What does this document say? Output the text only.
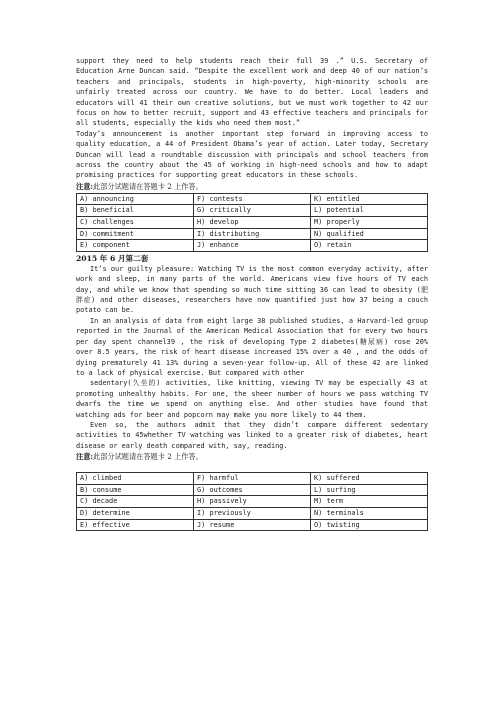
support they need to help students reach their full 39 .” U.S. Secretary of Education Arne Duncan said. “Despite the excellent work and deep 40 of our nation’s teachers and principals, students in high-poverty, high-minority schools are unfairly treated across our country. We have to do better. Local leaders and educators will 41 their own creative solutions, but we must work together to 42 our focus on how to better recruit, support and 43 effective teachers and principals for all students, especially the kids who need them most.”

Today’s announcement is another important step forward in improving access to quality education, a 44 of President Obama’s year of action. Later today, Secretary Duncan will lead a roundtable discussion with principals and school teachers from across the country about the 45 of working in high-need schools and how to adapt promising practices for supporting great educators in these schools.

注意:此部分试题请在答题卡 2 上作答。

A) announcing	F) contests	K) entitled
B) beneficial	G) critically	L) potential
C) challenges	H) develop	M) properly
D) commitment	I) distributing	N) qualified
E) component	J) enhance	O) retain

2015 年 6 月第二套

It’s our guilty pleasure: Watching TV is the most common everyday activity, after work and sleep, in many parts of the world. Americans view five hours of TV each day, and while we know that spending so much time sitting 36 can lead to obesity (肥胖症) and other diseases, researchers have now quantified just how 37 being a couch potato can be.

In an analysis of data from eight large 38 published studies, a Harvard-led group reported in the Journal of the American Medical Association that for every two hours per day spent channel39 , the risk of developing Type 2 diabetes(糖尿病) rose 20% over 8.5 years, the risk of heart disease increased 15% over a 40 , and the odds of dying prematurely 41 13% during a seven-year follow-up. All of these 42 are linked to a lack of physical exercise. But compared with other

sedentary(久坐的) activities, like knitting, viewing TV may be especially 43 at promoting unhealthy habits. For one, the sheer number of hours we pass watching TV dwarfs the time we spend on anything else. And other studies have found that watching ads for beer and popcorn may make you more likely to 44 them.

Even so, the authors admit that they didn’t compare different sedentary activities to 45whether TV watching was linked to a greater risk of diabetes, heart disease or early death compared with, say, reading.

注意:此部分试题请在答题卡 2 上作答。

A) climbed	F) harmful	K) suffered
B) consume	G) outcomes	L) surfing
C) decade	H) passively	M) term
D) determine	I) previously	N) terminals
E) effective	J) resume	O) twisting
